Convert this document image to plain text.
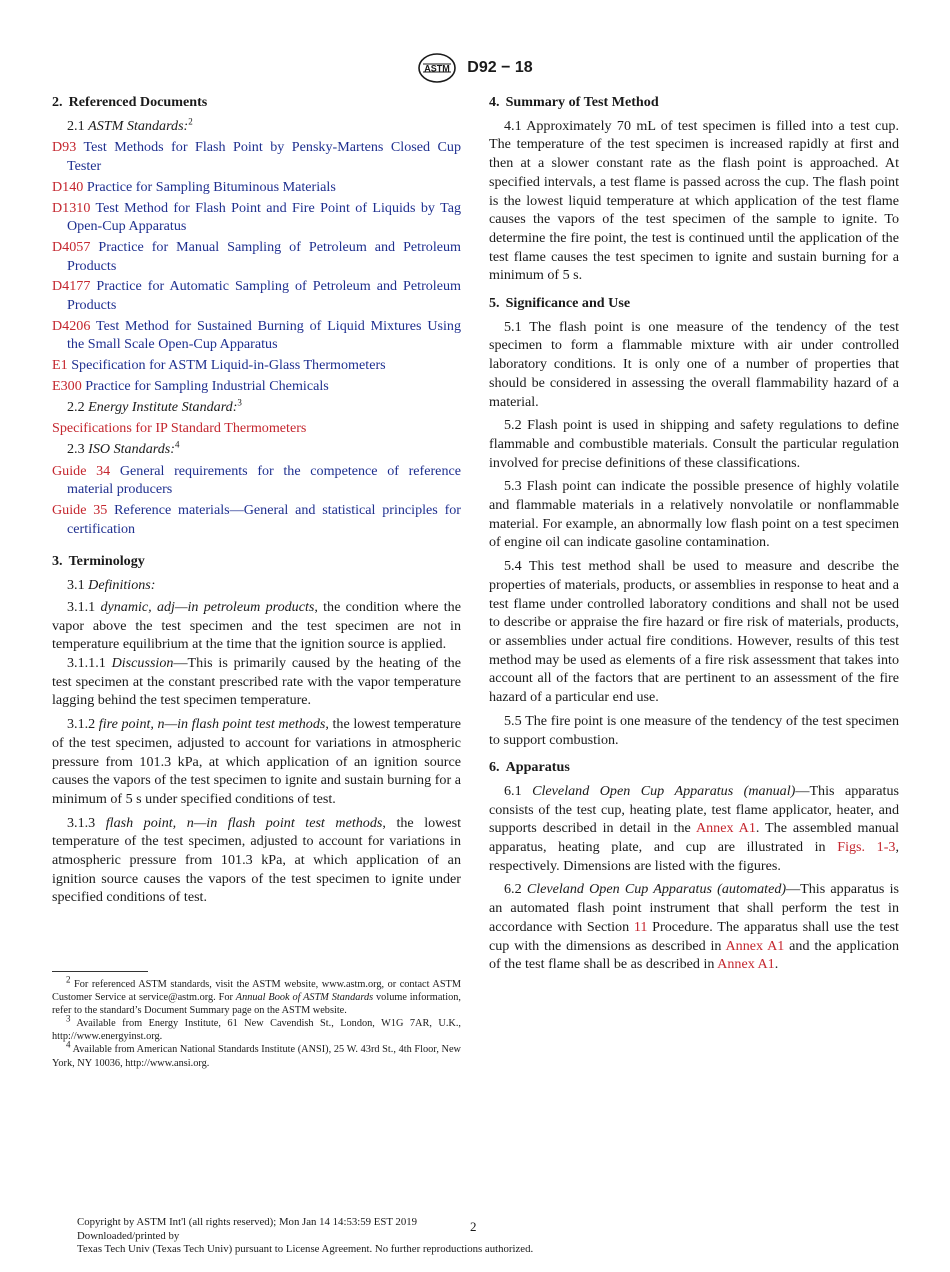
ASTM D92 − 18
2. Referenced Documents
2.1 ASTM Standards:$^2$
D93 Test Methods for Flash Point by Pensky-Martens Closed Cup Tester
D140 Practice for Sampling Bituminous Materials
D1310 Test Method for Flash Point and Fire Point of Liquids by Tag Open-Cup Apparatus
D4057 Practice for Manual Sampling of Petroleum and Petroleum Products
D4177 Practice for Automatic Sampling of Petroleum and Petroleum Products
D4206 Test Method for Sustained Burning of Liquid Mixtures Using the Small Scale Open-Cup Apparatus
E1 Specification for ASTM Liquid-in-Glass Thermometers
E300 Practice for Sampling Industrial Chemicals
2.2 Energy Institute Standard:$^3$
Specifications for IP Standard Thermometers
2.3 ISO Standards:$^4$
Guide 34 General requirements for the competence of reference material producers
Guide 35 Reference materials—General and statistical principles for certification
3. Terminology
3.1 Definitions:
3.1.1 dynamic, adj—in petroleum products, the condition where the vapor above the test specimen and the test specimen are not in temperature equilibrium at the time that the ignition source is applied.
3.1.1.1 Discussion—This is primarily caused by the heating of the test specimen at the constant prescribed rate with the vapor temperature lagging behind the test specimen temperature.
3.1.2 fire point, n—in flash point test methods, the lowest temperature of the test specimen, adjusted to account for variations in atmospheric pressure from 101.3 kPa, at which application of an ignition source causes the vapors of the test specimen to ignite and sustain burning for a minimum of 5 s under specified conditions of test.
3.1.3 flash point, n—in flash point test methods, the lowest temperature of the test specimen, adjusted to account for variations in atmospheric pressure from 101.3 kPa, at which application of an ignition source causes the vapors of the test specimen to ignite under specified conditions of test.
$^2$ For referenced ASTM standards, visit the ASTM website, www.astm.org, or contact ASTM Customer Service at service@astm.org. For Annual Book of ASTM Standards volume information, refer to the standard’s Document Summary page on the ASTM website.
$^3$ Available from Energy Institute, 61 New Cavendish St., London, W1G 7AR, U.K., http://www.energyinst.org.
$^4$ Available from American National Standards Institute (ANSI), 25 W. 43rd St., 4th Floor, New York, NY 10036, http://www.ansi.org.
4. Summary of Test Method
4.1 Approximately 70 mL of test specimen is filled into a test cup. The temperature of the test specimen is increased rapidly at first and then at a slower constant rate as the flash point is approached. At specified intervals, a test flame is passed across the cup. The flash point is the lowest liquid temperature at which application of the test flame causes the vapors of the test specimen of the sample to ignite. To determine the fire point, the test is continued until the application of the test flame causes the test specimen to ignite and sustain burning for a minimum of 5 s.
5. Significance and Use
5.1 The flash point is one measure of the tendency of the test specimen to form a flammable mixture with air under controlled laboratory conditions. It is only one of a number of properties that should be considered in assessing the overall flammability hazard of a material.
5.2 Flash point is used in shipping and safety regulations to define flammable and combustible materials. Consult the particular regulation involved for precise definitions of these classifications.
5.3 Flash point can indicate the possible presence of highly volatile and flammable materials in a relatively nonvolatile or nonflammable material. For example, an abnormally low flash point on a test specimen of engine oil can indicate gasoline contamination.
5.4 This test method shall be used to measure and describe the properties of materials, products, or assemblies in response to heat and a test flame under controlled laboratory conditions and shall not be used to describe or appraise the fire hazard or fire risk of materials, products, or assemblies under actual fire conditions. However, results of this test method may be used as elements of a fire risk assessment that takes into account all of the factors that are pertinent to an assessment of the fire hazard of a particular end use.
5.5 The fire point is one measure of the tendency of the test specimen to support combustion.
6. Apparatus
6.1 Cleveland Open Cup Apparatus (manual)—This apparatus consists of the test cup, heating plate, test flame applicator, heater, and supports described in detail in the Annex A1. The assembled manual apparatus, heating plate, and cup are illustrated in Figs. 1-3, respectively. Dimensions are listed with the figures.
6.2 Cleveland Open Cup Apparatus (automated)—This apparatus is an automated flash point instrument that shall perform the test in accordance with Section 11 Procedure. The apparatus shall use the test cup with the dimensions as described in Annex A1 and the application of the test flame shall be as described in Annex A1.
Copyright by ASTM Int'l (all rights reserved); Mon Jan 14 14:53:59 EST 2019
Downloaded/printed by
Texas Tech Univ (Texas Tech Univ) pursuant to License Agreement. No further reproductions authorized.
2
